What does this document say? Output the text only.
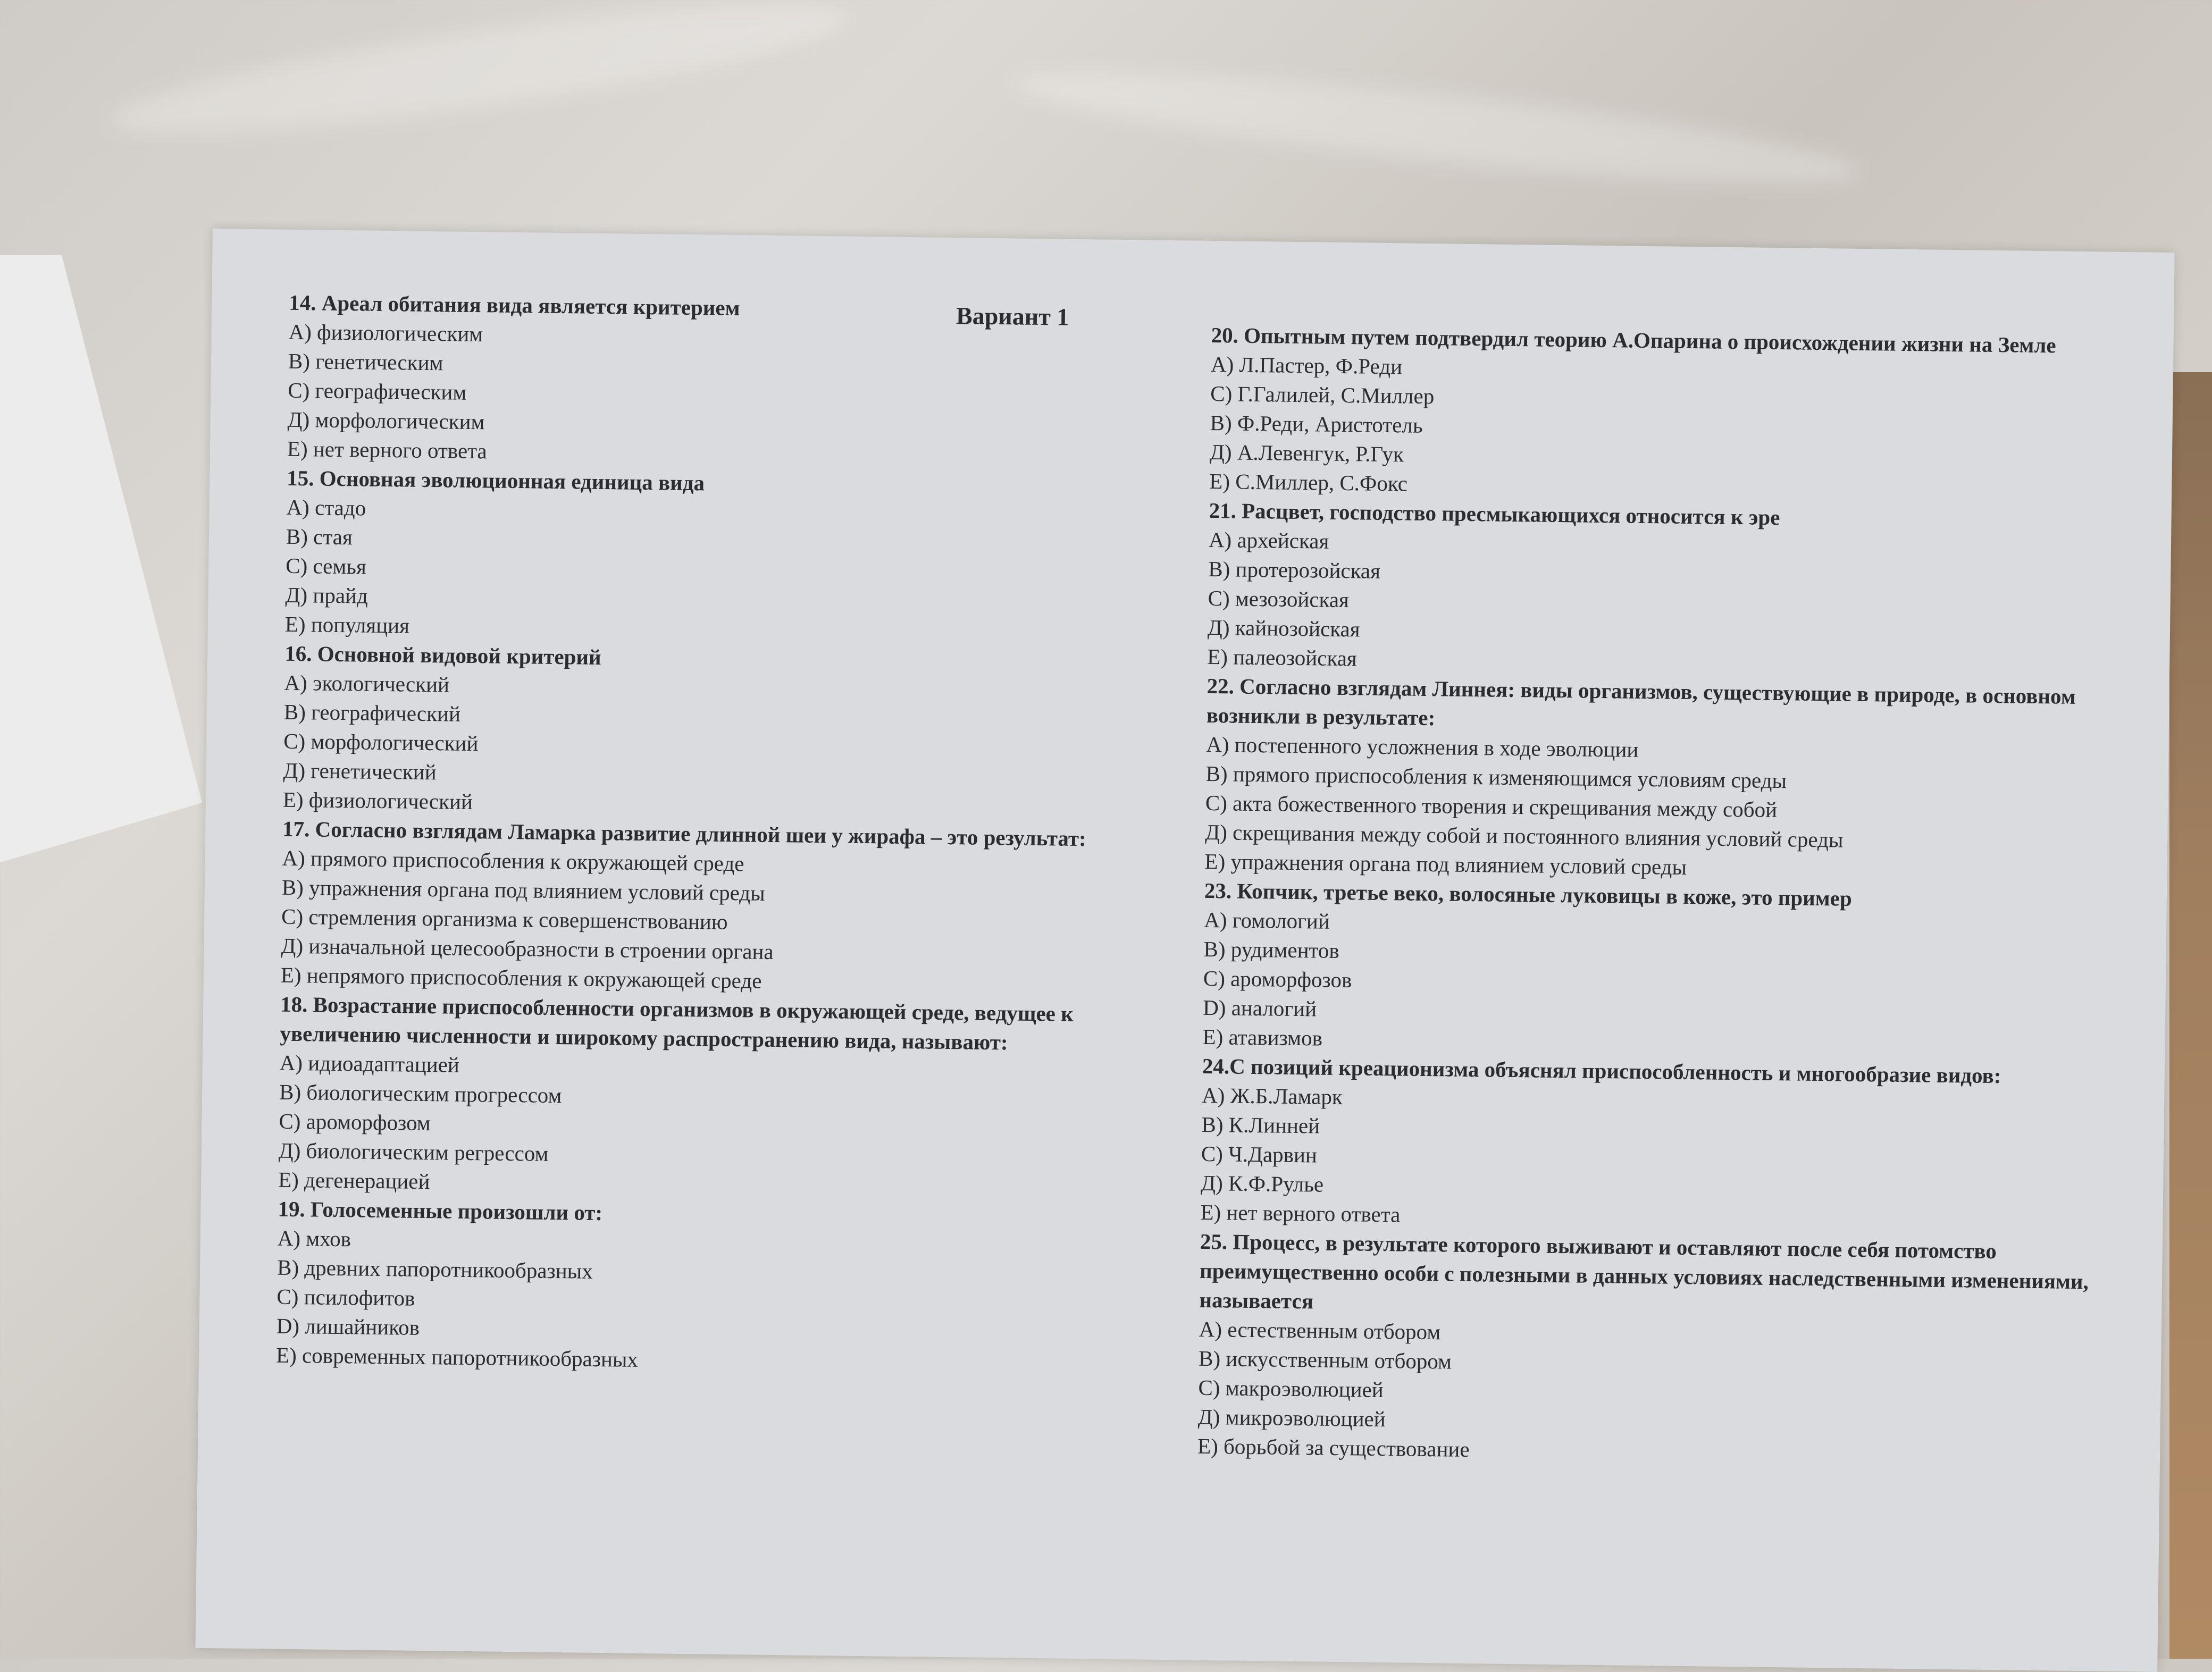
Вариант 1
14. Ареал обитания вида является критерием
А) физиологическим
В) генетическим
С) географическим
Д) морфологическим
Е) нет верного ответа
15. Основная эволюционная единица вида
А) стадо
В) стая
С) семья
Д) прайд
Е) популяция
16. Основной видовой критерий
А) экологический
В) географический
С) морфологический
Д) генетический
Е) физиологический
17. Согласно взглядам Ламарка развитие длинной шеи у жирафа – это результат:
А) прямого приспособления к окружающей среде
В) упражнения органа под влиянием условий среды
С) стремления организма к совершенствованию
Д) изначальной целесообразности в строении органа
Е) непрямого приспособления к окружающей среде
18. Возрастание приспособленности организмов в окружающей среде, ведущее к увеличению численности и широкому распространению вида, называют:
А) идиоадаптацией
В) биологическим прогрессом
С) ароморфозом
Д) биологическим регрессом
Е) дегенерацией
19. Голосеменные произошли от:
А) мхов
В) древних папоротникообразных
С) псилофитов
D) лишайников
Е) современных папоротникообразных
20. Опытным путем подтвердил теорию А.Опарина о происхождении жизни на Земле
А) Л.Пастер, Ф.Реди
С) Г.Галилей, С.Миллер
В) Ф.Реди, Аристотель
Д) А.Левенгук, Р.Гук
Е) С.Миллер, С.Фокс
21. Расцвет, господство пресмыкающихся относится к эре
А) архейская
В) протерозойская
С) мезозойская
Д) кайнозойская
Е) палеозойская
22. Согласно взглядам Линнея: виды организмов, существующие в природе, в основном возникли в результате:
А) постепенного усложнения в ходе эволюции
В) прямого приспособления к изменяющимся условиям среды
С) акта божественного творения и скрещивания между собой
Д) скрещивания между собой и постоянного влияния условий среды
Е) упражнения органа под влиянием условий среды
23. Копчик, третье веко, волосяные луковицы в коже, это пример
А) гомологий
В) рудиментов
С) ароморфозов
D) аналогий
Е) атавизмов
24.С позиций креационизма объяснял приспособленность и многообразие видов:
А) Ж.Б.Ламарк
В) К.Линней
С) Ч.Дарвин
Д) К.Ф.Рулье
Е) нет верного ответа
25. Процесс, в результате которого выживают и оставляют после себя потомство преимущественно особи с полезными в данных условиях наследственными изменениями, называется
А) естественным отбором
В) искусственным отбором
С) макроэволюцией
Д) микроэволюцией
Е) борьбой за существование
